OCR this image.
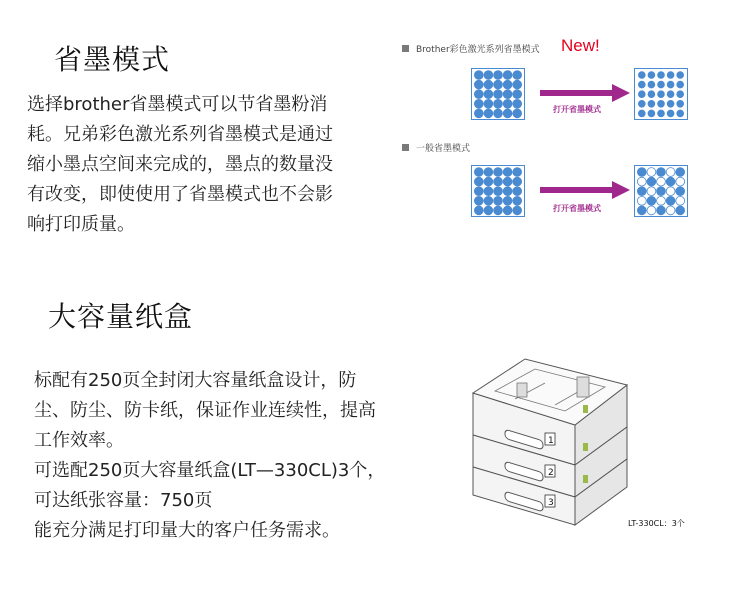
省墨模式
选择brother省墨模式可以节省墨粉消
耗。兄弟彩色激光系列省墨模式是通过
缩小墨点空间来完成的，墨点的数量没
有改变，即使使用了省墨模式也不会影
响打印质量。
Brother彩色激光系列省墨模式 New!
打开省墨模式
一般省墨模式
打开省墨模式
大容量纸盒
标配有250页全封闭大容量纸盒设计，防
尘、防尘、防卡纸，保证作业连续性，提高
工作效率。
可选配250页大容量纸盒(LT—330CL)3个，
可达纸张容量：750页
能充分满足打印量大的客户任务需求。
1
2
3
LT-330CL：3个
